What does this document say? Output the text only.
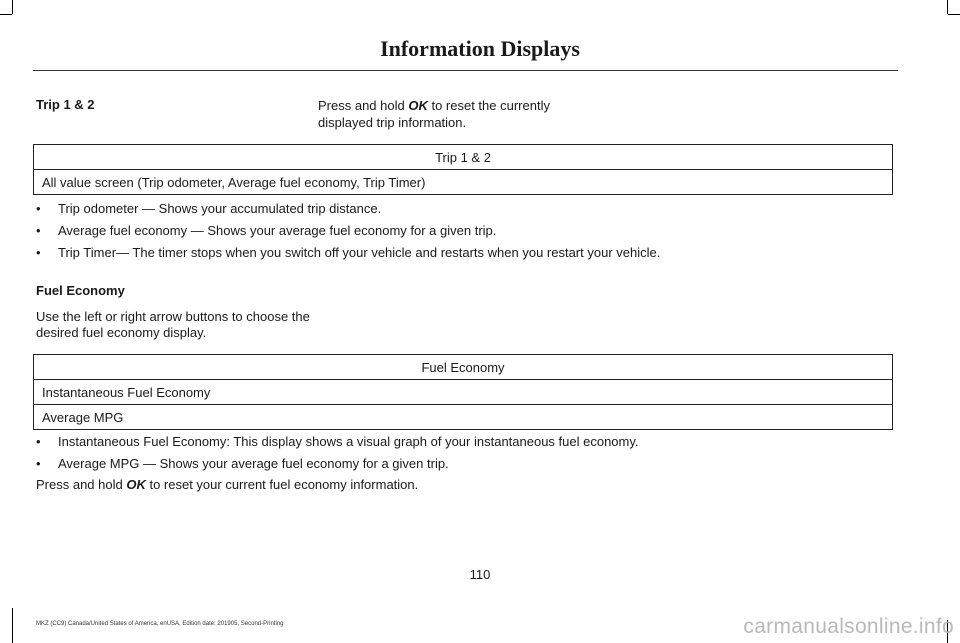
Information Displays
Trip 1 & 2	Press and hold OK to reset the currently displayed trip information.
Trip 1 & 2
All value screen (Trip odometer, Average fuel economy, Trip Timer)
• Trip odometer — Shows your accumulated trip distance.
• Average fuel economy — Shows your average fuel economy for a given trip.
• Trip Timer— The timer stops when you switch off your vehicle and restarts when you restart your vehicle.
Fuel Economy
Use the left or right arrow buttons to choose the desired fuel economy display.
Fuel Economy
Instantaneous Fuel Economy
Average MPG
• Instantaneous Fuel Economy: This display shows a visual graph of your instantaneous fuel economy.
• Average MPG — Shows your average fuel economy for a given trip.
Press and hold OK to reset your current fuel economy information.
110
MKZ (CC9) Canada/United States of America, enUSA, Edition date: 201905, Second-Printing	carmanualsonline.info
